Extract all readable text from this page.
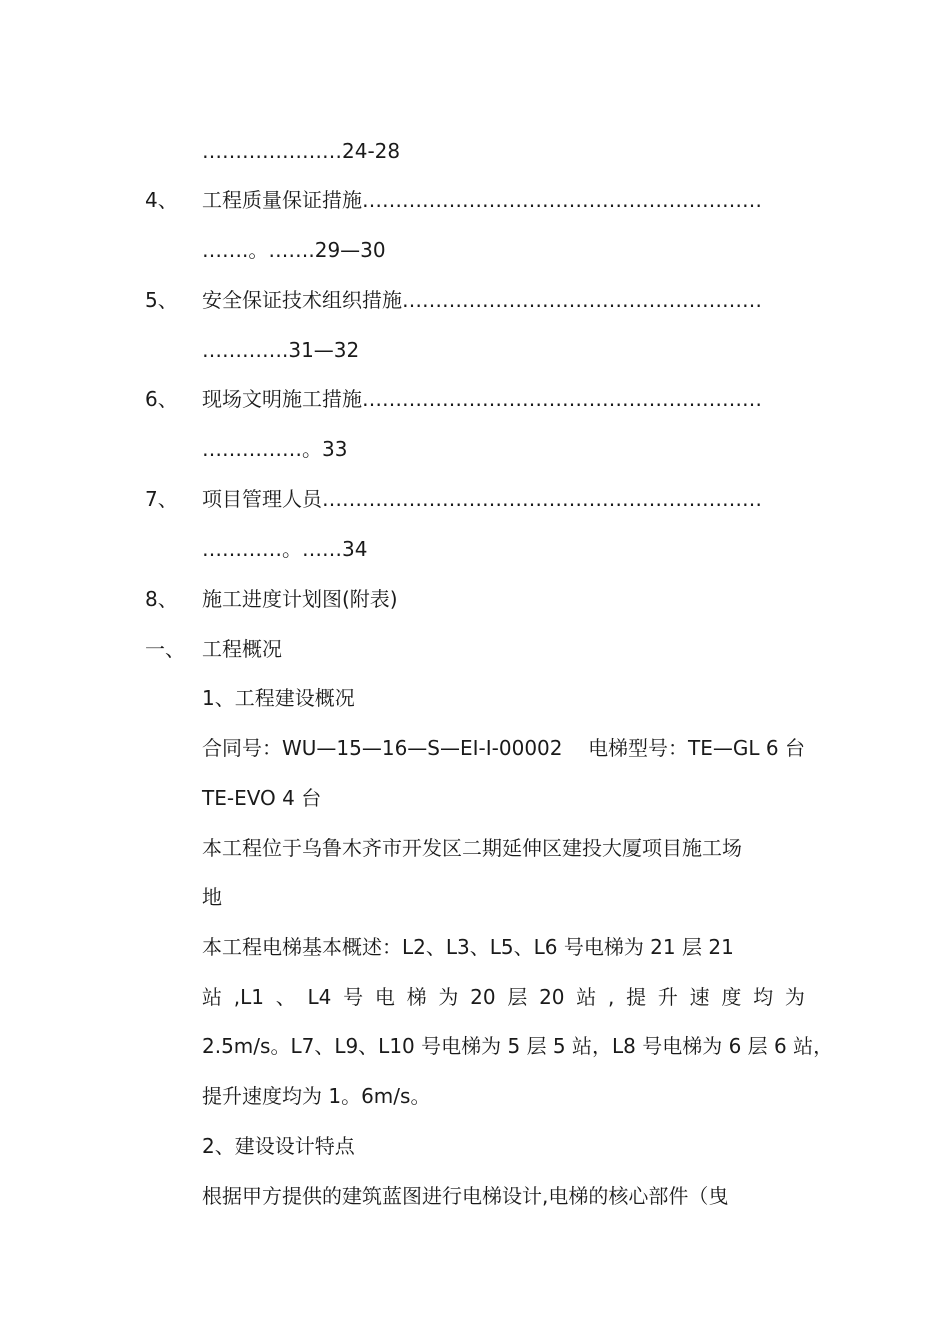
…………………24-28
4、 工程质量保证措施……………………………………………………
…….。…….29—30
5、 安全保证技术组织措施………………………………………………
………….31—32
6、 现场文明施工措施……………………………………………………
……………。33
7、 项目管理人员…………………………………………………………
…………。……34
8、 施工进度计划图(附表)
一、 工程概况
1、工程建设概况
合同号：WU—15—16—S—EI-I-00002 电梯型号：TE—GL 6 台
TE-EVO 4 台
本工程位于乌鲁木齐市开发区二期延伸区建投大厦项目施工场
地
本工程电梯基本概述：L2、L3、L5、L6 号电梯为 21 层 21
站 ,L1 、 L4 号 电 梯 为 20 层 20 站 , 提 升 速 度 均 为
2.5m/s。L7、L9、L10 号电梯为 5 层 5 站，L8 号电梯为 6 层 6 站，
提升速度均为 1。6m/s。
2、建设设计特点
根据甲方提供的建筑蓝图进行电梯设计,电梯的核心部件（曳
